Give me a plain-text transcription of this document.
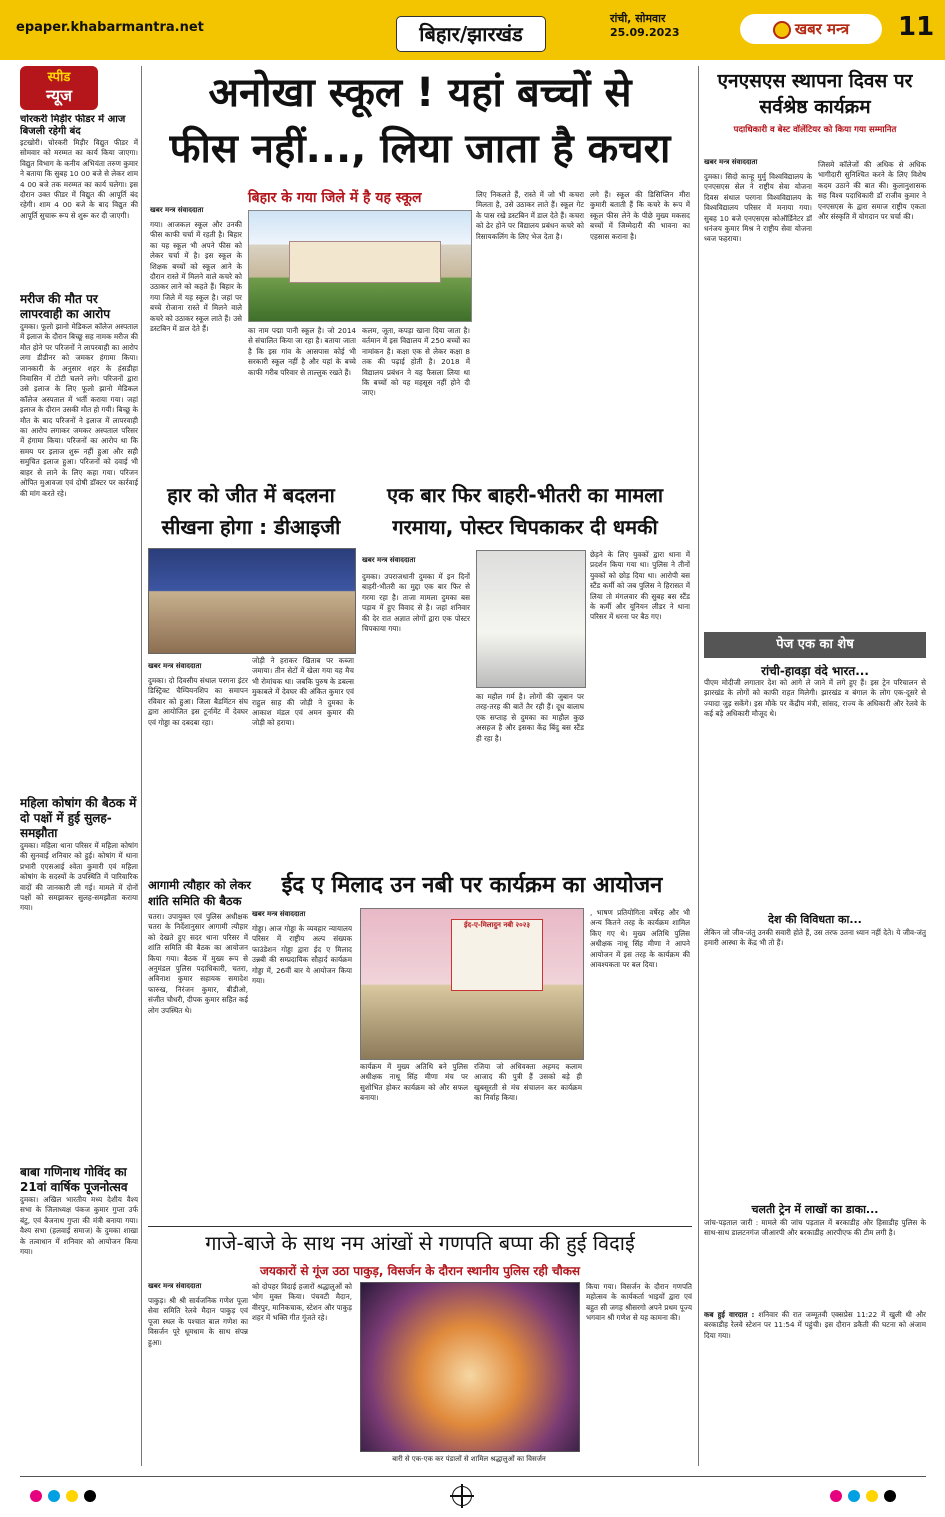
epaper.khabarmantra.net	बिहार/झारखंड
रांची, सोमवार
25.09.2023	खबर मन्त्र	11
स्पीड
न्यूज
चोरकरी मिड़ीर फीडर में आज बिजली रहेगी बंद
इटखोरी। चोरकरी मिड़ीर विद्युत फीडर में सोमवार को मरम्मत का कार्य किया जाएगा। विद्युत विभाग के कनीय अभियंता तरुण कुमार ने बताया कि सुबह 10 00 बजे से लेकर शाम 4 00 बजे तक मरम्मत का कार्य चलेगा। इस दौरान उक्त फीडर में विद्युत की आपूर्ति बंद रहेगी। शाम 4 00 बजे के बाद विद्युत की आपूर्ति सुचारू रूप से शुरू कर दी जाएगी।
मरीज की मौत पर लापरवाही का आरोप
दुमका। फूलो झानो मेडिकल कॉलेज अस्पताल में इलाज के दौरान बिच्छू सह नामक मरीज की मौत होने पर परिजनों ने लापरवाही का आरोप लगा डीडीनर को जमकर हंगामा किया। जानकारी के अनुसार शहर के हंसडीहा निवासिन में टोटी चलने लगे। परिजनों द्वारा उसे इलाज के लिए फूलो झानो मेडिकल कॉलेज अस्पताल में भर्ती कराया गया। जहां इलाज के दौरान उसकी मौत हो गयी। बिच्छू के मौत के बाद परिजनों ने इलाज में लापरवाही का आरोप लगाकर जमकर अस्पताल परिसर में हंगामा किया। परिजनों का आरोप था कि समय पर इलाज शुरू नहीं हुआ और सही समुचित इलाज हुआ। परिजनों को दवाई भी बाहर से लाने के लिए कहा गया। परिजन ओपित मुआवजा एवं दोषी डॉक्टर पर कार्रवाई की मांग करते रहे।
महिला कोषांग की बैठक में दो पक्षों में हुई सुलह-समझौता
दुमका। महिला थाना परिसर में महिला कोषांग की सुनवाई शनिवार को हुई। कोषांग में थाना प्रभारी एएसआई श्वेता कुमारी एवं महिला कोषांग के सदस्यों के उपस्थिति में पारिवारिक वादों की जानकारी ली गई। मामले में दोनों पक्षों को समझाकर सुलह-समझौता कराया गया।
बाबा गणिनाथ गोविंद का 21वां वार्षिक पूजनोत्सव
दुमका। अखिल भारतीय मध्य देशीय वैश्य सभा के जिलाध्यक्ष पंकज कुमार गुप्ता उर्फ बंटु, एवं बैजनाथ गुप्ता की मंत्री बनाया गया। वैश्य सभा (हलवाई समाज) के दुमका शाखा के तत्वाधान में शनिवार को आयोजन किया गया।
अनोखा स्कूल ! यहां बच्चों से
फीस नहीं..., लिया जाता है कचरा
बिहार के गया जिले में है यह स्कूल
खबर मन्त्र संवाददाता
गया। आजकल स्कूल और उनकी फीस काफी चर्चा में रहती है। बिहार का यह स्कूल भी अपने फीस को लेकर चर्चा में है। इस स्कूल के शिक्षक बच्चों को स्कूल आने के दौरान रास्ते में मिलने वाले कचरे को उठाकर लाने को कहते हैं। बिहार के गया जिले में यह स्कूल है। जहां पर बच्चे रोजाना रास्ते में मिलने वाले कचरे को उठाकर स्कूल लाते हैं। उसे डस्टबिन में डाल देते हैं।	का नाम पद्मा पानी स्कूल है। जो 2014 से संचालित किया जा रहा है। बताया जाता है कि इस गांव के आसपास कोई भी सरकारी स्कूल नहीं है और यहां के बच्चे काफी गरीब परिवार से ताल्लुक रखते हैं।
कलम, जूता, कपड़ा खाना दिया जाता है। वर्तमान में इस विद्यालय में 250 बच्चों का नामांकन है। कक्षा एक से लेकर कक्षा 8 तक की पढ़ाई होती है। 2018 में विद्यालय प्रबंधन ने यह फैसला लिया था कि बच्चों को यह महसूस नहीं होने दी जाए।
लिए निकलते हैं, रास्ते में जो भी कचरा मिलता है, उसे उठाकर लाते हैं। स्कूल गेट के पास रखे डस्टबिन में डाल देते हैं। कचरा को ढेर होने पर विद्यालय प्रबंधन कचरे को रिसायकलिंग के लिए भेज देता है।
लगे हैं। स्कूल की डिसिप्लिन मीरा कुमारी बताती हैं कि कचरे के रूप में स्कूल फीस लेने के पीछे मुख्य मकसद बच्चों में जिम्मेदारी की भावना का एहसास कराना है।
एनएसएस स्थापना दिवस पर सर्वश्रेष्ठ कार्यक्रम
पदाधिकारी व बेस्ट वॉलेंटियर को किया गया सम्मानित
खबर मन्त्र संवाददाता
दुमका। सिदो कान्हू मुर्मु विश्वविद्यालय के एनएसएस सेल ने राष्ट्रीय सेवा योजना दिवस संथाल परगना विश्वविद्यालय के विश्वविद्यालय परिसर में मनाया गया। सुबह 10 बजे एनएसएस कोऑर्डिनेटर डॉ धनंजय कुमार मिश्र ने राष्ट्रीय सेवा योजना ध्वज फहराया।
जिसमे कॉलेजों की अधिक से अधिक भागीदारी सुनिश्चित करने के लिए विशेष कदम उठाने की बात की। कुलानुशासक सह विश्व पदाधिकारी डॉ राजीव कुमार ने एनएसएस के द्वारा समाज राष्ट्रीय एकता और संस्कृति में योगदान पर चर्चा की।
हार को जीत में बदलना
सीखना होगा : डीआइजी
खबर मन्त्र संवाददाता
दुमका। दो दिवसीय संथाल परगना इंटर डिस्ट्रिक्ट चैम्पियनशिप का समापन रविवार को हुआ। जिला बैडमिंटन संघ द्वारा आयोजित इस टूर्नामेंट में देवघर एवं गोड्डा का दबदबा रहा।
जोड़ी ने हराकर खिताब पर कब्जा जमाया। तीन सेटों में खेला गया यह मैच भी रोमांचक था। जबकि पुरुष के डबल्स मुकाबले में देवघर की अंकित कुमार एवं राहुल साह की जोड़ी ने दुमका के आकाश मंडल एवं अमन कुमार की जोड़ी को हराया।
एक बार फिर बाहरी-भीतरी का मामला
गरमाया, पोस्टर चिपकाकर दी धमकी
खबर मन्त्र संवाददाता
दुमका। उपराजधानी दुमका में इन दिनों बाहरी-भीतरी का मुद्दा एक बार फिर से गरमा रहा है। ताजा मामला दुमका बस पड़ाव में हुए विवाद से है। जहां शनिवार की देर रात अज्ञात लोगों द्वारा एक पोस्टर चिपकाया गया।
का महौल गर्म है। लोगों की जुबान पर तरह-तरह की बातें तैर रही हैं। दूध बालाघ एक सप्ताह से दुमका का माहौल कुछ असहज है और इसका केंद्र बिंदु बस स्टैंड ही रहा है।
छेड़ने के लिए युवकों द्वारा थाना में प्रदर्शन किया गया था। पुलिस ने तीनों युवकों को छोड़ दिया था। आरोपी बस स्टैंड कर्मी को जब पुलिस ने हिरासत में लिया तो मंगलवार की सुबह बस स्टैंड के कर्मी और यूनियन लीडर ने थाना परिसर में धरना पर बैठ गए।
पेज एक का शेष
रांची-हावड़ा वंदे भारत...
पीएम मोदीजी लगातार देश को आगे ले जाने में लगे हुए हैं। इस ट्रेन परिचालन से झारखंड के लोगों को काफी राहत मिलेगी। झारखंड व बंगाल के लोग एक-दूसरे से ज्यादा जुड़ सकेंगे। इस मौके पर केंद्रीय मंत्री, सांसद, राज्य के अधिकारी और रेलवे के कई बड़े अधिकारी मौजूद थे।
देश की विविधता का...
लेकिन जो जीव-जंतु उनकी सवारी होते हैं, उस तरफ उतना ध्यान नहीं देते। ये जीव-जंतु हमारी आस्था के केंद्र भी तो हैं।
चलती ट्रेन में लाखों का डाका...
जांच-पड़ताल जारी : मामले की जांच पड़ताल में बरकाडीह और हिसाडीह पुलिस के साथ-साथ डालटनगंज जीआरपी और बरकाडीह आरपीएफ की टीम लगी है।
कब हुई वारदात : शनिवार की रात जम्मूतवी एक्सप्रेस 11:22 में खुली थी और बरकाडीह रेलवे स्टेशन पर 11:54 में पहुंची। इस दौरान डकैती की घटना को अंजाम दिया गया।
आगामी त्यौहार को लेकर
शांति समिति की बैठक
चतरा। उपायुक्त एवं पुलिस अधीक्षक चतरा के निर्देशानुसार आगामी त्यौहार को देखते हुए सदर थाना परिसर में शांति समिति की बैठक का आयोजन किया गया। बैठक में मुख्य रूप से अनुमंडल पुलिस पदाधिकारी, चतरा, अविनाश कुमार सहायक समादेश फारुख, निरंजन कुमार, बीडीओ, संजीत चौधरी, दीपक कुमार सहित कई लोग उपस्थित थे।
ईद ए मिलाद उन नबी पर कार्यक्रम का आयोजन
खबर मन्त्र संवाददाता
गोड्डा। आज गोड्डा के व्यवहार न्यायालय परिसर में राष्ट्रीय अल्प संख्यक फाउंडेशन गोड्डा द्वारा ईद ए मिलाद उन्नबी की सम्प्रदायिक सौहार्द कार्यक्रम गोड्डा में, 26वीं बार ये आयोजन किया गया।
ईद-ए-मिलादुन नबी २०२३
, भाषण प्रतियोगिता वर्षेरह और भी अन्य कितने तरह के कार्यक्रम शामिल किए गए थे। मुख्य अतिथि पुलिस अधीक्षक नाथू सिंह मीणा ने आपने आयोजन में इस तरह के कार्यक्रम की आवश्यकता पर बल दिया।
कार्यक्रम में मुख्य अतिथि बने पुलिस अधीक्षक नाथू सिंह मीणा मंच पर सुशोभित होकर कार्यक्रम को और सफल बनाया।
रजिया जो अधिवक्ता अहमद कलाम आजाद की पुत्री हैं उसको बड़े ही खुबसूरती से मंच संचालन कर कार्यक्रम का निर्वाह किया।
गाजे-बाजे के साथ नम आंखों से गणपति बप्पा की हुई विदाई
जयकारों से गूंज उठा पाकुड़, विसर्जन के दौरान स्थानीय पुलिस रही चौकस
खबर मन्त्र संवाददाता
पाकुड़। श्री श्री सार्वजनिक गणेश पूजा सेवा समिति रेलवे मैदान पाकुड़ एवं पूजा स्थल के पश्चात बाल गणेश का विसर्जन पूरे धूमधाम के साथ संपन्न हुआ।
को दोपहर विदाई हजारों श्रद्धालुओं को भोग मुक्त किया। पंचवटी मैदान, वीरपुर, मानिकचाक, स्टेशन और पाकुड़ शहर में भक्ति गीत गूंजते रहे।
बारी से एक-एक कर पंडालों से शामिल श्रद्धालुओं का विसर्जन
किया गया। विसर्जन के दौरान गणपति महोत्सव के कार्यकर्ता भाइयों द्वारा एवं बहुत सी जगह श्रीसरगो अपने प्रथम पूज्य भगवान श्री गणेश से यह कामना की।
